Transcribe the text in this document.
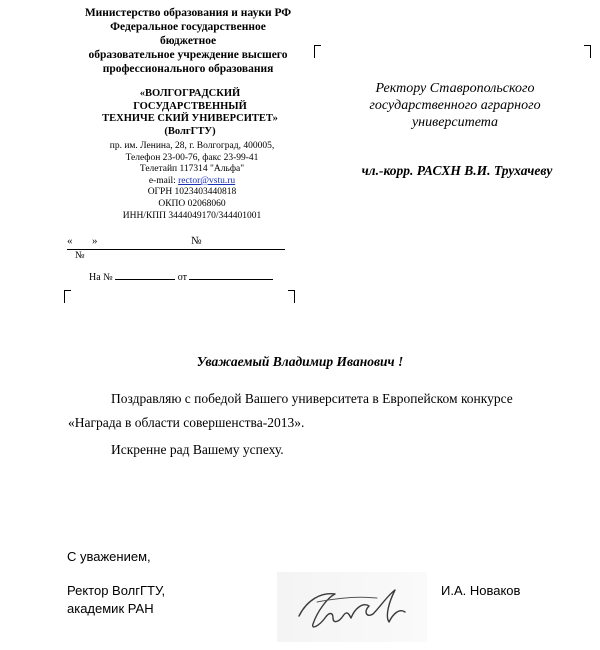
Министерство образования и науки РФ
Федеральное государственное
бюджетное
образовательное учреждение высшего
профессионального образования
«ВОЛГОГРАДСКИЙ
ГОСУДАРСТВЕННЫЙ
ТЕХНИЧЕ СКИЙ УНИВЕРСИТЕТ»
(ВолгГТУ)
пр. им. Ленина, 28, г. Волгоград, 400005,
Телефон 23-00-76, факс 23-99-41
Телетайп 117314 "Альфа"
e-mail: rector@vstu.ru
ОГРН 1023403440818
ОКПО 02068060
ИНН/КПП 3444049170/344401001
« »	№
№
На №	от
Ректору Ставропольского
государственного аграрного
университета
чл.-корр. РАСХН В.И. Трухачеву
Уважаемый Владимир Иванович !
Поздравляю с победой Вашего университета в Европейском конкурсе
«Награда в области совершенства-2013».
Искренне рад Вашему успеху.
С уважением,
Ректор ВолгГТУ,
академик РАН
И.А. Новаков
